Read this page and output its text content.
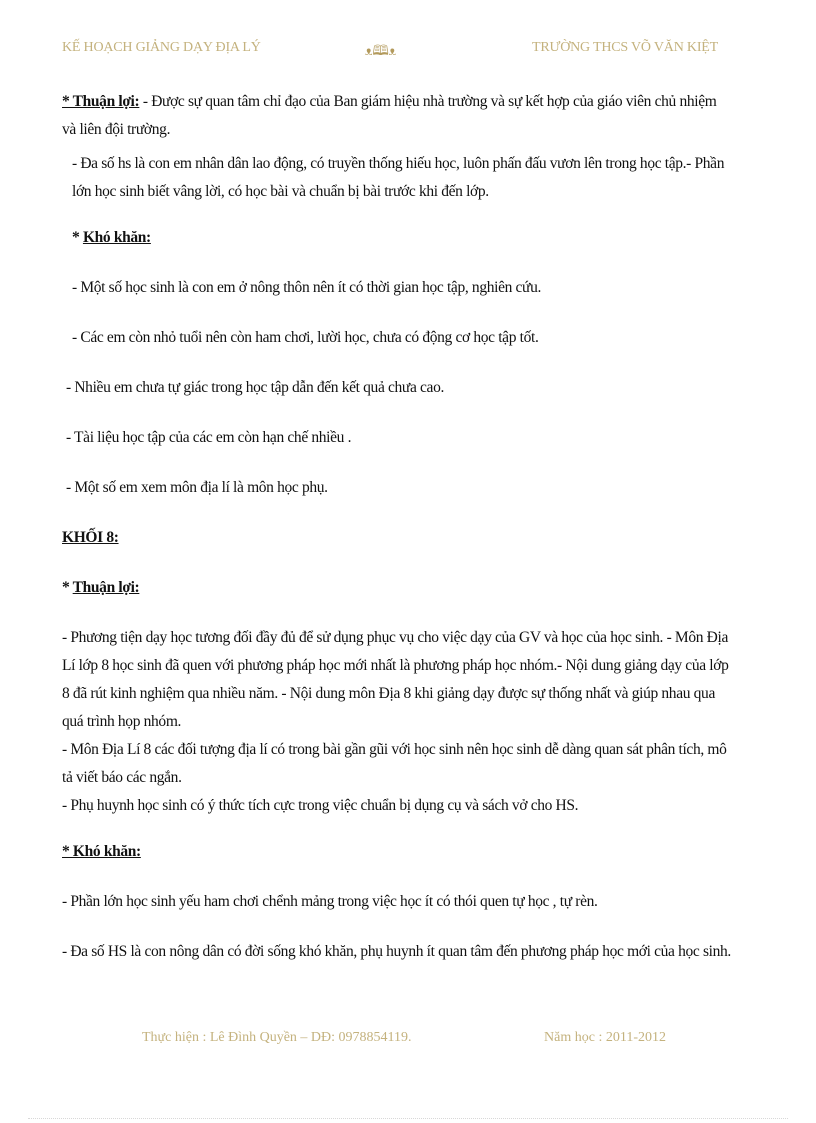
KẾ HOẠCH GIẢNG DẠY ĐỊA LÝ	ᴥ🕮ᴥ	TRƯỜNG THCS VÕ VĂN KIỆT

* Thuận lợi: - Được sự quan tâm chỉ đạo của Ban giám hiệu nhà trường và sự kết hợp của giáo viên chủ nhiệm và liên đội trường.

- Đa số hs là con em nhân dân lao động, có truyền thống hiếu học, luôn phấn đấu vươn lên trong học tập.- Phần lớn học sinh biết vâng lời, có học bài và chuẩn bị bài trước khi đến lớp.

* Khó khăn:

- Một số học sinh là con em ở nông thôn nên ít có thời gian học tập, nghiên cứu.

- Các em còn nhỏ tuổi nên còn ham chơi, lười học, chưa có động cơ học tập tốt.

- Nhiều em chưa tự giác trong học tập dẫn đến kết quả chưa cao.

- Tài liệu học tập của các em còn hạn chế nhiều .

- Một số em xem môn địa lí là môn học phụ.

KHỐI 8:

* Thuận lợi:

- Phương tiện dạy học tương đối đầy đủ để sử dụng phục vụ cho việc dạy của GV và học của học sinh. - Môn Địa Lí lớp 8 học sinh đã quen với phương pháp học mới nhất là phương pháp học nhóm.- Nội dung giảng dạy của lớp 8 đã rút kinh nghiệm qua nhiều năm. - Nội dung môn Địa 8 khi giảng dạy được sự thống nhất và giúp nhau qua quá trình họp nhóm.

- Môn Địa Lí 8 các đối tượng địa lí có trong bài gần gũi với học sinh nên học sinh dễ dàng quan sát phân tích, mô tả viết báo các ngắn.

- Phụ huynh học sinh có ý thức tích cực trong việc chuẩn bị dụng cụ và sách vở cho HS.

* Khó khăn:

- Phần lớn học sinh yếu ham chơi chểnh mảng trong việc học ít có thói quen tự học , tự rèn.

- Đa số HS là con nông dân có đời sống khó khăn, phụ huynh ít quan tâm đến phương pháp học mới của học sinh.

Thực hiện : Lê Đình Quyền – DĐ: 0978854119.	Năm học : 2011-2012
